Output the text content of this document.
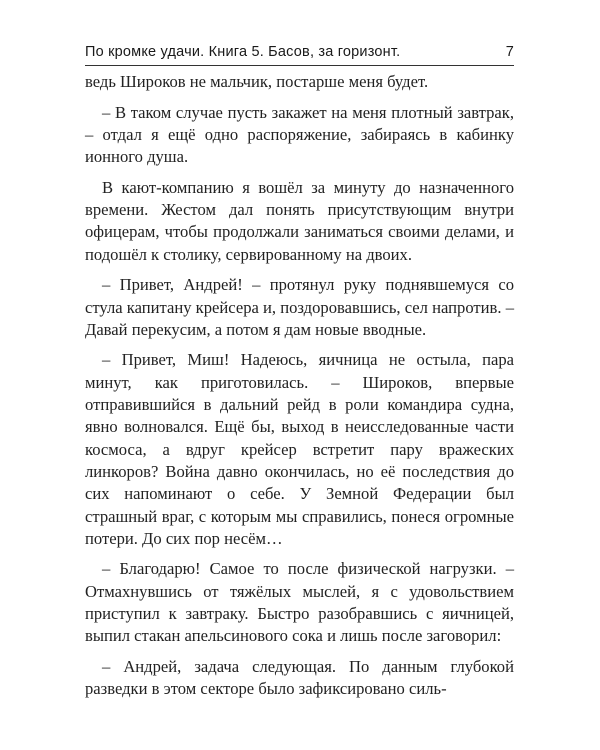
По кромке удачи. Книга 5. Басов, за горизонт.	7

ведь Широков не мальчик, постарше меня будет.

– В таком случае пусть закажет на меня плотный завтрак, – отдал я ещё одно распоряжение, забираясь в кабинку ионного душа.

В кают-компанию я вошёл за минуту до назначенного времени. Жестом дал понять присутствующим внутри офицерам, чтобы продолжали заниматься своими делами, и подошёл к столику, сервированному на двоих.

– Привет, Андрей! – протянул руку поднявшемуся со стула капитану крейсера и, поздоровавшись, сел напротив. – Давай перекусим, а потом я дам новые вводные.

– Привет, Миш! Надеюсь, яичница не остыла, пара минут, как приготовилась. – Широков, впервые отправившийся в дальний рейд в роли командира судна, явно волновался. Ещё бы, выход в неисследованные части космоса, а вдруг крейсер встретит пару вражеских линкоров? Война давно окончилась, но её последствия до сих напоминают о себе. У Земной Федерации был страшный враг, с которым мы справились, понеся огромные потери. До сих пор несём…

– Благодарю! Самое то после физической нагрузки. – Отмахнувшись от тяжёлых мыслей, я с удовольствием приступил к завтраку. Быстро разобравшись с яичницей, выпил стакан апельсинового сока и лишь после заговорил:

– Андрей, задача следующая. По данным глубокой разведки в этом секторе было зафиксировано силь-
